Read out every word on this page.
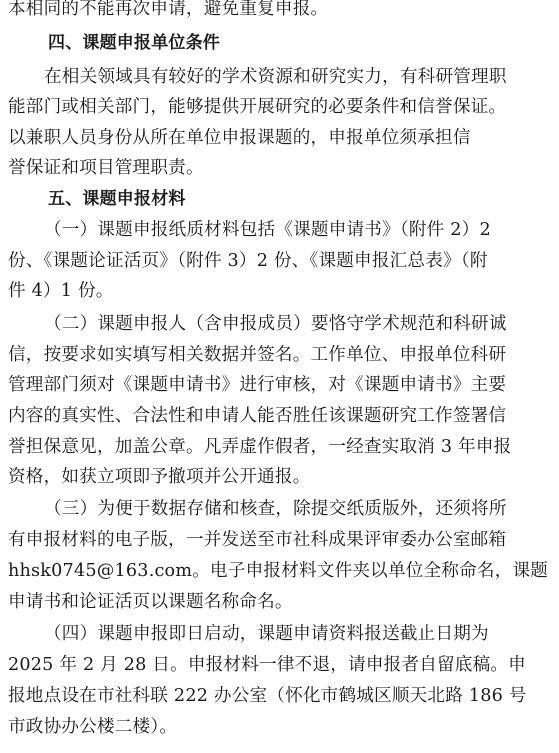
本相同的不能再次申请，避免重复申报。
四、课题申报单位条件
在相关领域具有较好的学术资源和研究实力，有科研管理职
能部门或相关部门，能够提供开展研究的必要条件和信誉保证。
以兼职人员身份从所在单位申报课题的，申报单位须承担信
誉保证和项目管理职责。
五、课题申报材料
（一）课题申报纸质材料包括《课题申请书》（附件 2）2
份、《课题论证活页》（附件 3）2 份、《课题申报汇总表》（附
件 4）1 份。
（二）课题申报人（含申报成员）要恪守学术规范和科研诚
信，按要求如实填写相关数据并签名。工作单位、申报单位科研
管理部门须对《课题申请书》进行审核，对《课题申请书》主要
内容的真实性、合法性和申请人能否胜任该课题研究工作签署信
誉担保意见，加盖公章。凡弄虚作假者，一经查实取消 3 年申报
资格，如获立项即予撤项并公开通报。
（三）为便于数据存储和核查，除提交纸质版外，还须将所
有申报材料的电子版，一并发送至市社科成果评审委办公室邮箱
hhsk0745@163.com。电子申报材料文件夹以单位全称命名，课题
申请书和论证活页以课题名称命名。
（四）课题申报即日启动，课题申请资料报送截止日期为
2025 年 2 月 28 日。申报材料一律不退，请申报者自留底稿。申
报地点设在市社科联 222 办公室（怀化市鹤城区顺天北路 186 号
市政协办公楼二楼）。
